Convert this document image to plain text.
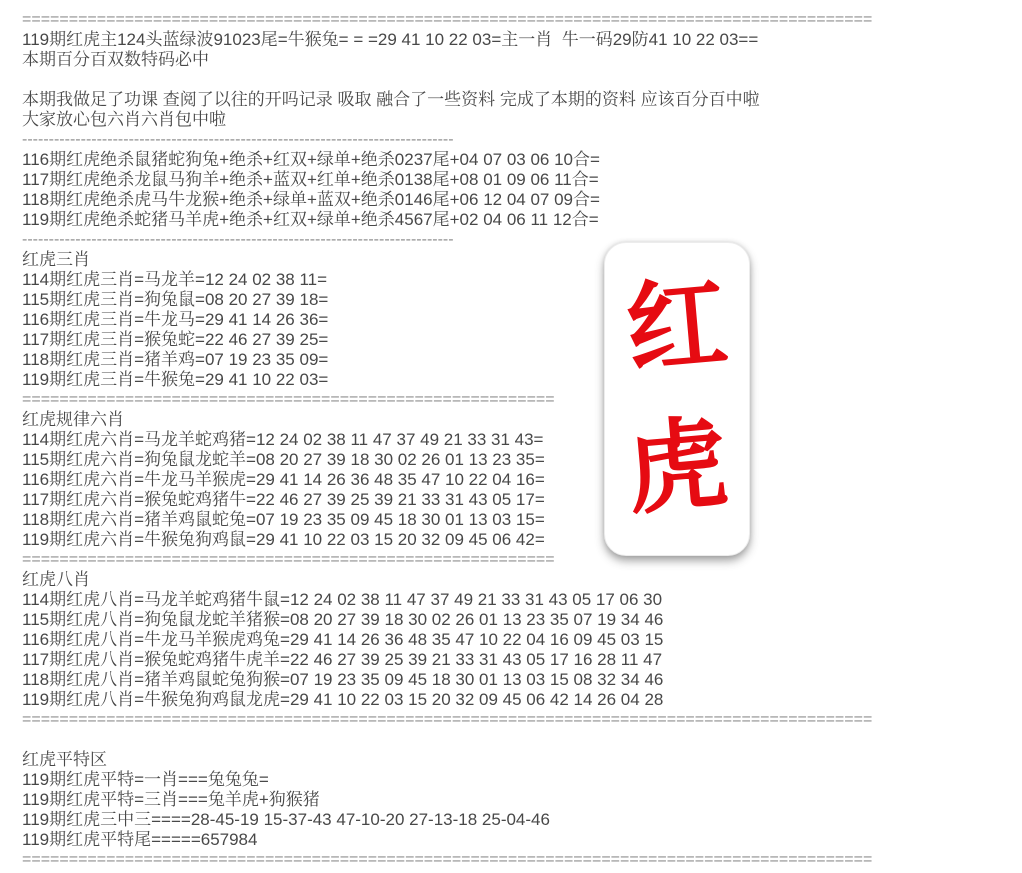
===========================================================================================
119期红虎主124头蓝绿波91023尾=牛猴兔= = =29 41 10 22 03=主一肖  牛一码29防41 10 22 03==
本期百分百双数特码必中
本期我做足了功课 查阅了以往的开吗记录 吸取 融合了一些资料 完成了本期的资料 应该百分百中啦
大家放心包六肖六肖包中啦
---------------------------------------------------------------------------------
116期红虎绝杀鼠猪蛇狗兔+绝杀+红双+绿单+绝杀0237尾+04 07 03 06 10合=
117期红虎绝杀龙鼠马狗羊+绝杀+蓝双+红单+绝杀0138尾+08 01 09 06 11合=
118期红虎绝杀虎马牛龙猴+绝杀+绿单+蓝双+绝杀0146尾+06 12 04 07 09合=
119期红虎绝杀蛇猪马羊虎+绝杀+红双+绿单+绝杀4567尾+02 04 06 11 12合=
---------------------------------------------------------------------------------
红虎三肖
114期红虎三肖=马龙羊=12 24 02 38 11=
115期红虎三肖=狗兔鼠=08 20 27 39 18=
116期红虎三肖=牛龙马=29 41 14 26 36=
117期红虎三肖=猴兔蛇=22 46 27 39 25=
118期红虎三肖=猪羊鸡=07 19 23 35 09=
119期红虎三肖=牛猴兔=29 41 10 22 03=
=========================================================
红虎规律六肖
114期红虎六肖=马龙羊蛇鸡猪=12 24 02 38 11 47 37 49 21 33 31 43=
115期红虎六肖=狗兔鼠龙蛇羊=08 20 27 39 18 30 02 26 01 13 23 35=
116期红虎六肖=牛龙马羊猴虎=29 41 14 26 36 48 35 47 10 22 04 16=
117期红虎六肖=猴兔蛇鸡猪牛=22 46 27 39 25 39 21 33 31 43 05 17=
118期红虎六肖=猪羊鸡鼠蛇兔=07 19 23 35 09 45 18 30 01 13 03 15=
119期红虎六肖=牛猴兔狗鸡鼠=29 41 10 22 03 15 20 32 09 45 06 42=
=========================================================
红虎八肖
114期红虎八肖=马龙羊蛇鸡猪牛鼠=12 24 02 38 11 47 37 49 21 33 31 43 05 17 06 30
115期红虎八肖=狗兔鼠龙蛇羊猪猴=08 20 27 39 18 30 02 26 01 13 23 35 07 19 34 46
116期红虎八肖=牛龙马羊猴虎鸡兔=29 41 14 26 36 48 35 47 10 22 04 16 09 45 03 15
117期红虎八肖=猴兔蛇鸡猪牛虎羊=22 46 27 39 25 39 21 33 31 43 05 17 16 28 11 47
118期红虎八肖=猪羊鸡鼠蛇兔狗猴=07 19 23 35 09 45 18 30 01 13 03 15 08 32 34 46
119期红虎八肖=牛猴兔狗鸡鼠龙虎=29 41 10 22 03 15 20 32 09 45 06 42 14 26 04 28
===========================================================================================
红虎平特区
119期红虎平特=一肖===兔兔兔=
119期红虎平特=三肖===兔羊虎+狗猴猪
119期红虎三中三====28-45-19 15-37-43 47-10-20 27-13-18 25-04-46
119期红虎平特尾=====657984
===========================================================================================
红
虎
